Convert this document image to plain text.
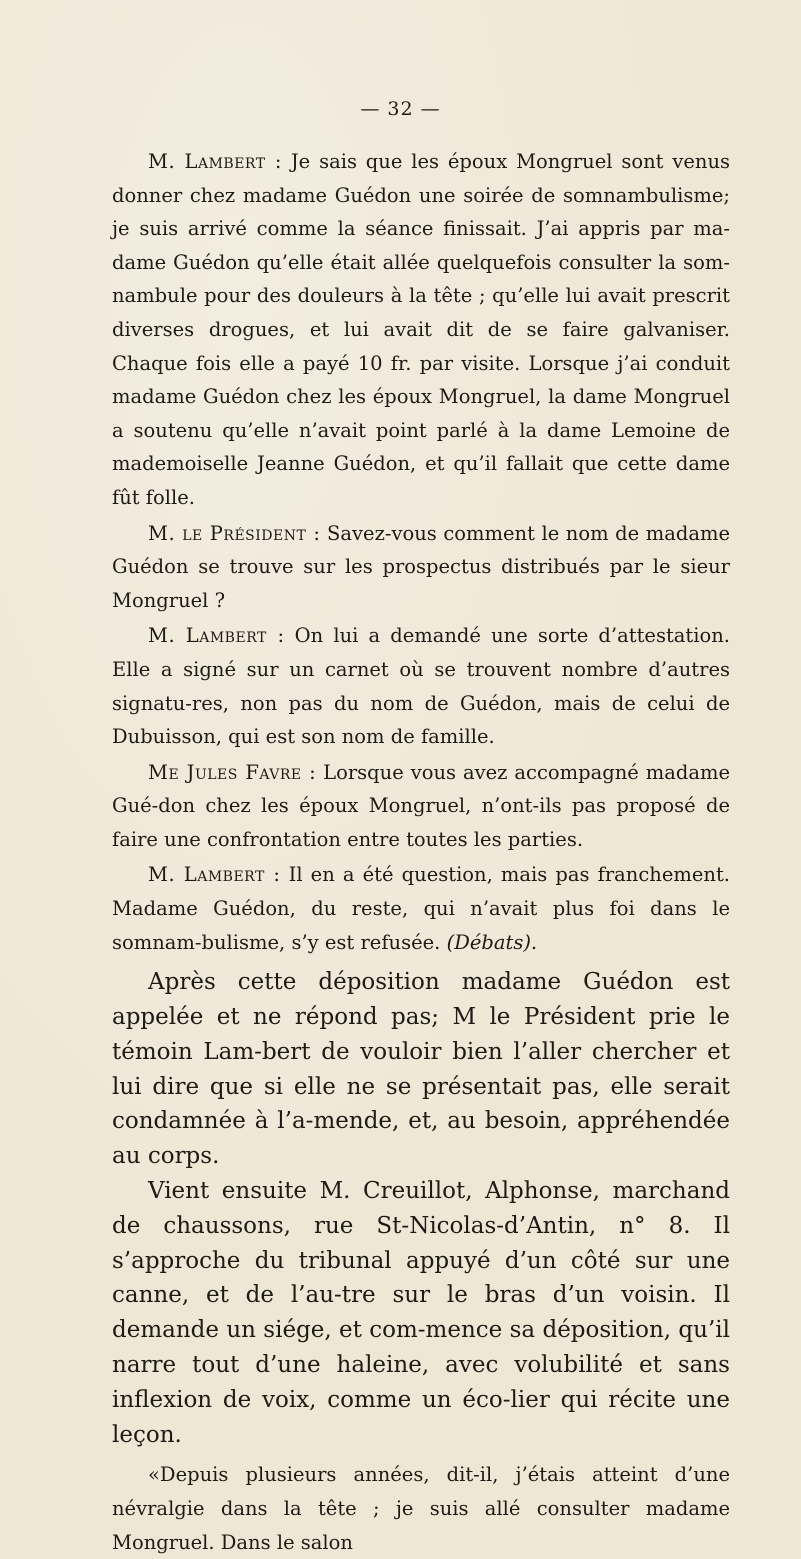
— 32 —

M. Lambert : Je sais que les époux Mongruel sont venus donner chez madame Guédon une soirée de somnambulisme; je suis arrivé comme la séance finissait. J’ai appris par ma-dame Guédon qu’elle était allée quelquefois consulter la som-nambule pour des douleurs à la tête ; qu’elle lui avait prescrit diverses drogues, et lui avait dit de se faire galvaniser. Chaque fois elle a payé 10 fr. par visite. Lorsque j’ai conduit madame Guédon chez les époux Mongruel, la dame Mongruel a soutenu qu’elle n’avait point parlé à la dame Lemoine de mademoiselle Jeanne Guédon, et qu’il fallait que cette dame fût folle.

M. le Président : Savez-vous comment le nom de madame Guédon se trouve sur les prospectus distribués par le sieur Mongruel ?

M. Lambert : On lui a demandé une sorte d’attestation. Elle a signé sur un carnet où se trouvent nombre d’autres signatu-res, non pas du nom de Guédon, mais de celui de Dubuisson, qui est son nom de famille.

Me Jules Favre : Lorsque vous avez accompagné madame Gué-don chez les époux Mongruel, n’ont-ils pas proposé de faire une confrontation entre toutes les parties.

M. Lambert : Il en a été question, mais pas franchement. Madame Guédon, du reste, qui n’avait plus foi dans le somnam-bulisme, s’y est refusée. (Débats).

Après cette déposition madame Guédon est appelée et ne répond pas; M le Président prie le témoin Lam-bert de vouloir bien l’aller chercher et lui dire que si elle ne se présentait pas, elle serait condamnée à l’a-mende, et, au besoin, appréhendée au corps.

Vient ensuite M. Creuillot, Alphonse, marchand de chaussons, rue St-Nicolas-d’Antin, n° 8. Il s’approche du tribunal appuyé d’un côté sur une canne, et de l’au-tre sur le bras d’un voisin. Il demande un siége, et com-mence sa déposition, qu’il narre tout d’une haleine, avec volubilité et sans inflexion de voix, comme un éco-lier qui récite une leçon.

«Depuis plusieurs années, dit-il, j’étais atteint d’une névralgie dans la tête ; je suis allé consulter madame Mongruel. Dans le salon
